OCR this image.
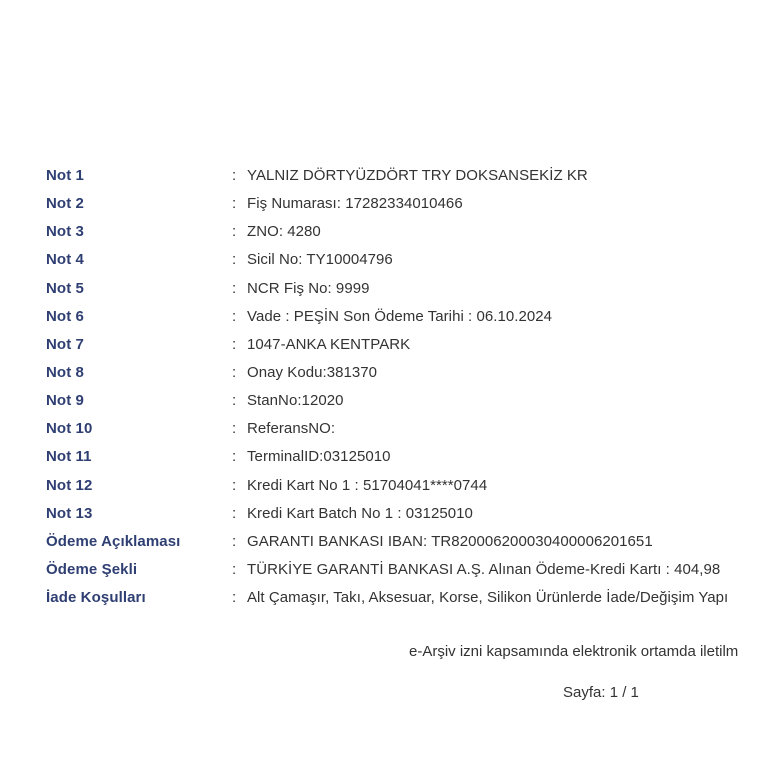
Not 1	: YALNIZ DÖRTYÜZDÖRT TRY DOKSANSEKİZ KR
Not 2	: Fiş Numarası: 17282334010466
Not 3	: ZNO: 4280
Not 4	: Sicil No: TY10004796
Not 5	: NCR Fiş No: 9999
Not 6	: Vade : PEŞİN Son Ödeme Tarihi : 06.10.2024
Not 7	: 1047-ANKA KENTPARK
Not 8	: Onay Kodu:381370
Not 9	: StanNo:12020
Not 10	: ReferansNO:
Not 11	: TerminalID:03125010
Not 12	: Kredi Kart No 1 : 51704041****0744
Not 13	: Kredi Kart Batch No 1 : 03125010
Ödeme Açıklaması	: GARANTI BANKASI IBAN: TR820006200030400006201651
Ödeme Şekli	: TÜRKİYE GARANTİ BANKASI A.Ş. Alınan Ödeme-Kredi Kartı : 404,98
İade Koşulları	: Alt Çamaşır, Takı, Aksesuar, Korse, Silikon Ürünlerde İade/Değişim Yapı
e-Arşiv izni kapsamında elektronik ortamda iletilm
Sayfa: 1 / 1
